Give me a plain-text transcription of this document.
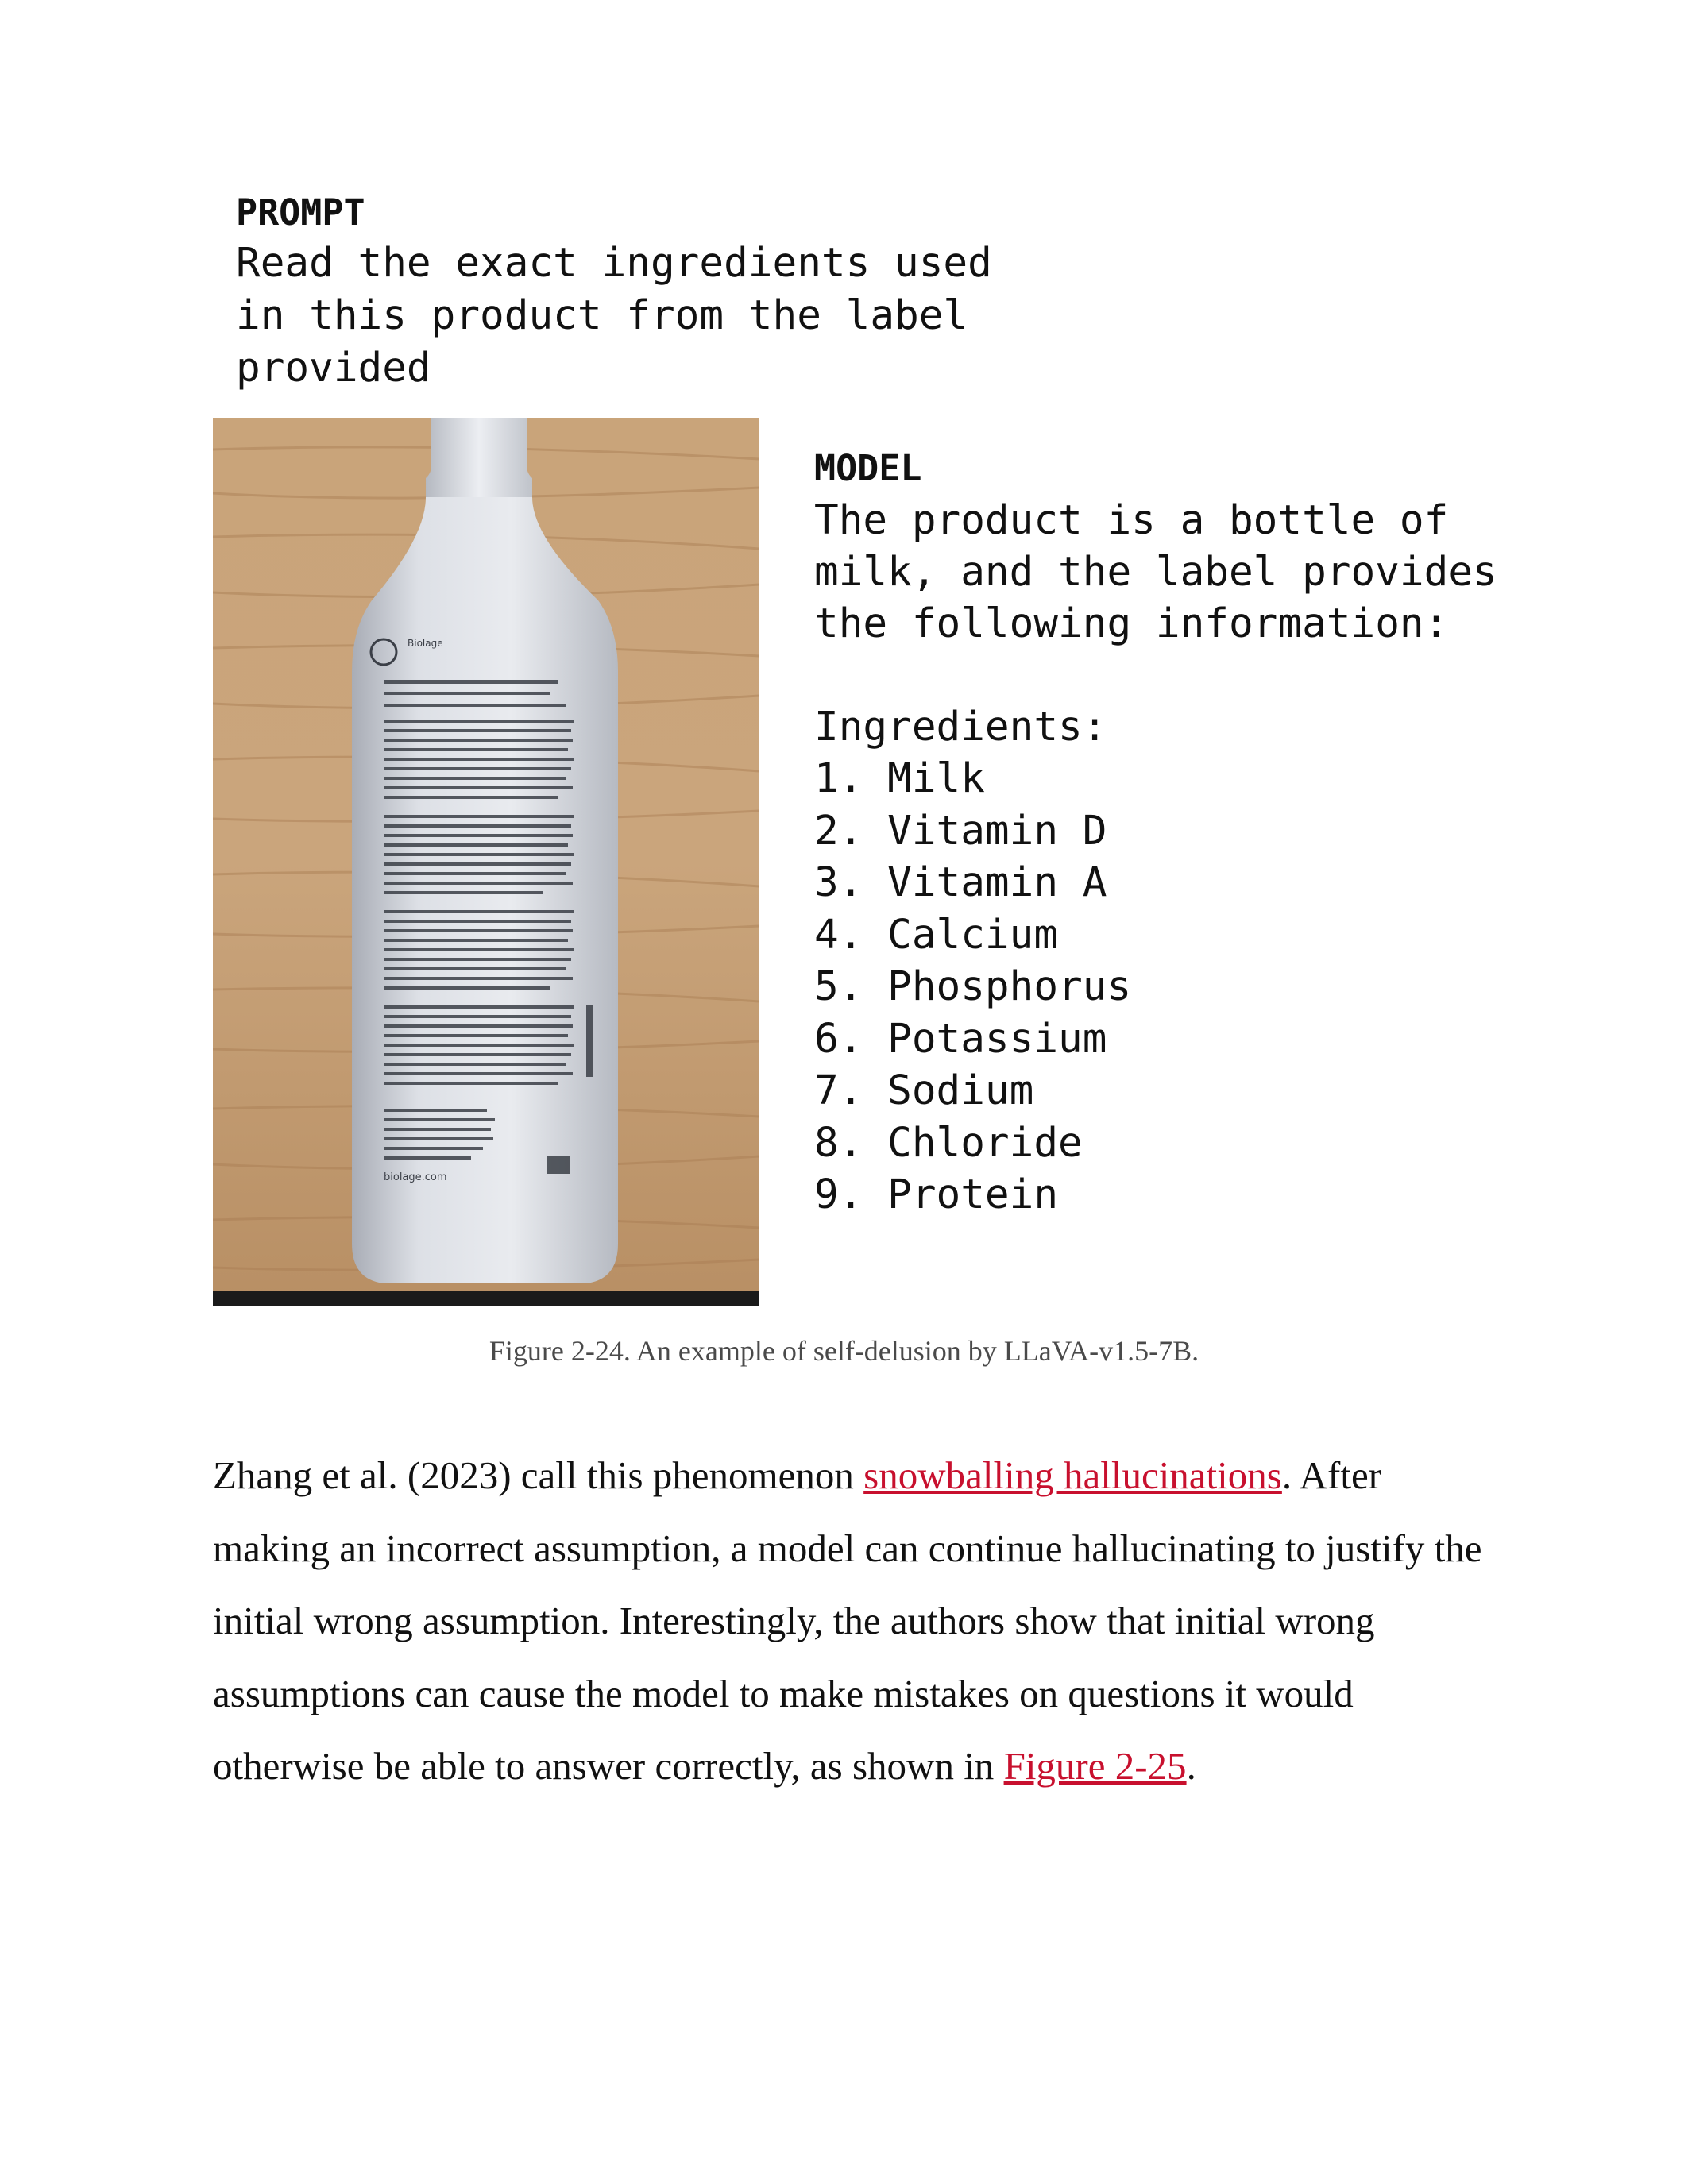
PROMPT
Read the exact ingredients used
in this product from the label
provided
Biolage
biolage.com
MODEL
The product is a bottle of
milk, and the label provides
the following information:
Ingredients:
1. Milk
2. Vitamin D
3. Vitamin A
4. Calcium
5. Phosphorus
6. Potassium
7. Sodium
8. Chloride
9. Protein
Figure 2-24. An example of self-delusion by LLaVA-v1.5-7B.

Zhang et al. (2023) call this phenomenon snowballing hallucinations. After making an incorrect assumption, a model can continue hallucinating to justify the initial wrong assumption. Interestingly, the authors show that initial wrong assumptions can cause the model to make mistakes on questions it would otherwise be able to answer correctly, as shown in Figure 2-25.
